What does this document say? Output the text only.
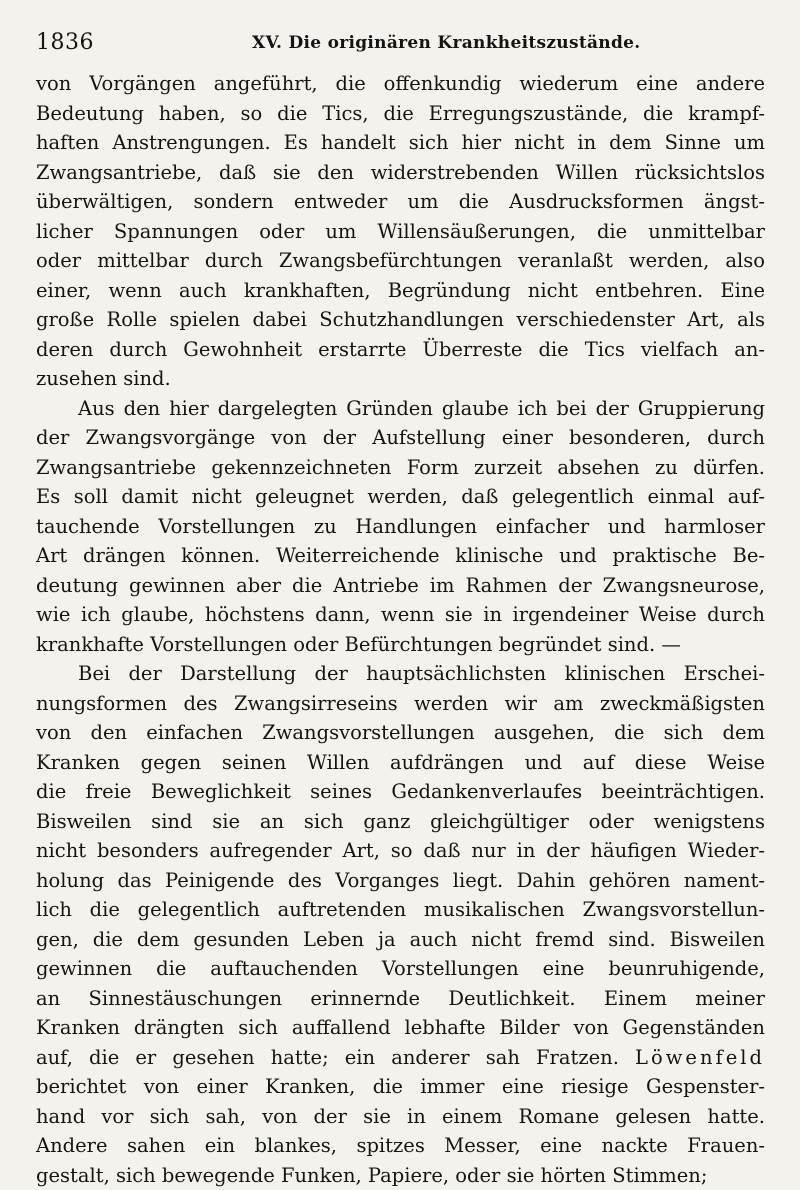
1836	XV. Die originären Krankheitszustände.
von Vorgängen angeführt, die offenkundig wiederum eine andere
Bedeutung haben, so die Tics, die Erregungszustände, die krampf-
haften Anstrengungen. Es handelt sich hier nicht in dem Sinne um
Zwangsantriebe, daß sie den widerstrebenden Willen rücksichtslos
überwältigen, sondern entweder um die Ausdrucksformen ängst-
licher Spannungen oder um Willensäußerungen, die unmittelbar
oder mittelbar durch Zwangsbefürchtungen veranlaßt werden, also
einer, wenn auch krankhaften, Begründung nicht entbehren. Eine
große Rolle spielen dabei Schutzhandlungen verschiedenster Art, als
deren durch Gewohnheit erstarrte Überreste die Tics vielfach an-
zusehen sind.
Aus den hier dargelegten Gründen glaube ich bei der Gruppierung
der Zwangsvorgänge von der Aufstellung einer besonderen, durch
Zwangsantriebe gekennzeichneten Form zurzeit absehen zu dürfen.
Es soll damit nicht geleugnet werden, daß gelegentlich einmal auf-
tauchende Vorstellungen zu Handlungen einfacher und harmloser
Art drängen können. Weiterreichende klinische und praktische Be-
deutung gewinnen aber die Antriebe im Rahmen der Zwangsneurose,
wie ich glaube, höchstens dann, wenn sie in irgendeiner Weise durch
krankhafte Vorstellungen oder Befürchtungen begründet sind. —
Bei der Darstellung der hauptsächlichsten klinischen Erschei-
nungsformen des Zwangsirreseins werden wir am zweckmäßigsten
von den einfachen Zwangsvorstellungen ausgehen, die sich dem
Kranken gegen seinen Willen aufdrängen und auf diese Weise
die freie Beweglichkeit seines Gedankenverlaufes beeinträchtigen.
Bisweilen sind sie an sich ganz gleichgültiger oder wenigstens
nicht besonders aufregender Art, so daß nur in der häufigen Wieder-
holung das Peinigende des Vorganges liegt. Dahin gehören nament-
lich die gelegentlich auftretenden musikalischen Zwangsvorstellun-
gen, die dem gesunden Leben ja auch nicht fremd sind. Bisweilen
gewinnen die auftauchenden Vorstellungen eine beunruhigende,
an Sinnestäuschungen erinnernde Deutlichkeit. Einem meiner
Kranken drängten sich auffallend lebhafte Bilder von Gegenständen
auf, die er gesehen hatte; ein anderer sah Fratzen. Löwenfeld
berichtet von einer Kranken, die immer eine riesige Gespenster-
hand vor sich sah, von der sie in einem Romane gelesen hatte.
Andere sahen ein blankes, spitzes Messer, eine nackte Frauen-
gestalt, sich bewegende Funken, Papiere, oder sie hörten Stimmen;
